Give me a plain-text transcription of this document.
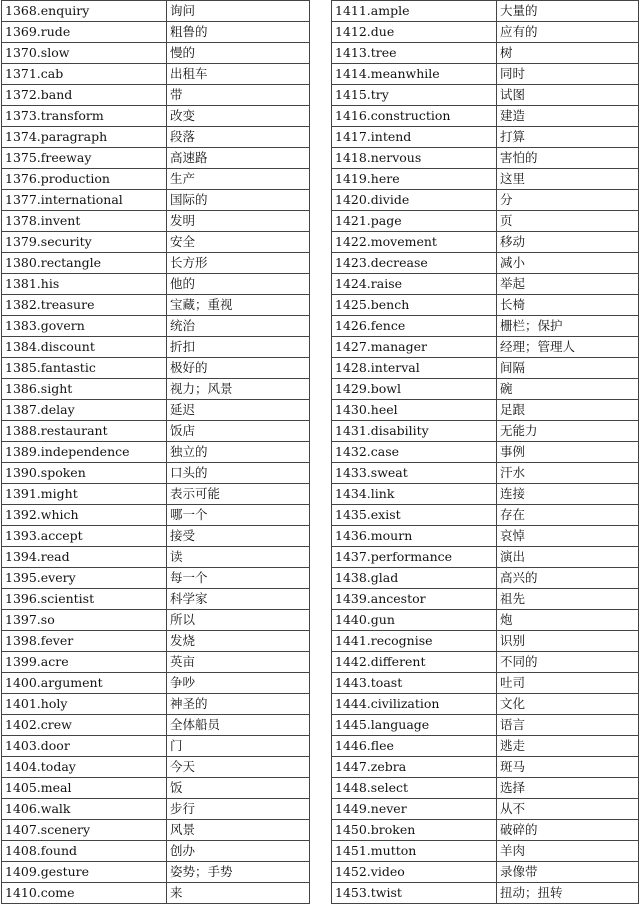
1368.enquiry	询问
1369.rude	粗鲁的
1370.slow	慢的
1371.cab	出租车
1372.band	带
1373.transform	改变
1374.paragraph	段落
1375.freeway	高速路
1376.production	生产
1377.international	国际的
1378.invent	发明
1379.security	安全
1380.rectangle	长方形
1381.his	他的
1382.treasure	宝藏；重视
1383.govern	统治
1384.discount	折扣
1385.fantastic	极好的
1386.sight	视力；风景
1387.delay	延迟
1388.restaurant	饭店
1389.independence	独立的
1390.spoken	口头的
1391.might	表示可能
1392.which	哪一个
1393.accept	接受
1394.read	读
1395.every	每一个
1396.scientist	科学家
1397.so	所以
1398.fever	发烧
1399.acre	英亩
1400.argument	争吵
1401.holy	神圣的
1402.crew	全体船员
1403.door	门
1404.today	今天
1405.meal	饭
1406.walk	步行
1407.scenery	风景
1408.found	创办
1409.gesture	姿势；手势
1410.come	来
1411.ample	大量的
1412.due	应有的
1413.tree	树
1414.meanwhile	同时
1415.try	试图
1416.construction	建造
1417.intend	打算
1418.nervous	害怕的
1419.here	这里
1420.divide	分
1421.page	页
1422.movement	移动
1423.decrease	减小
1424.raise	举起
1425.bench	长椅
1426.fence	栅栏；保护
1427.manager	经理；管理人
1428.interval	间隔
1429.bowl	碗
1430.heel	足跟
1431.disability	无能力
1432.case	事例
1433.sweat	汗水
1434.link	连接
1435.exist	存在
1436.mourn	哀悼
1437.performance	演出
1438.glad	高兴的
1439.ancestor	祖先
1440.gun	炮
1441.recognise	识别
1442.different	不同的
1443.toast	吐司
1444.civilization	文化
1445.language	语言
1446.flee	逃走
1447.zebra	斑马
1448.select	选择
1449.never	从不
1450.broken	破碎的
1451.mutton	羊肉
1452.video	录像带
1453.twist	扭动；扭转
